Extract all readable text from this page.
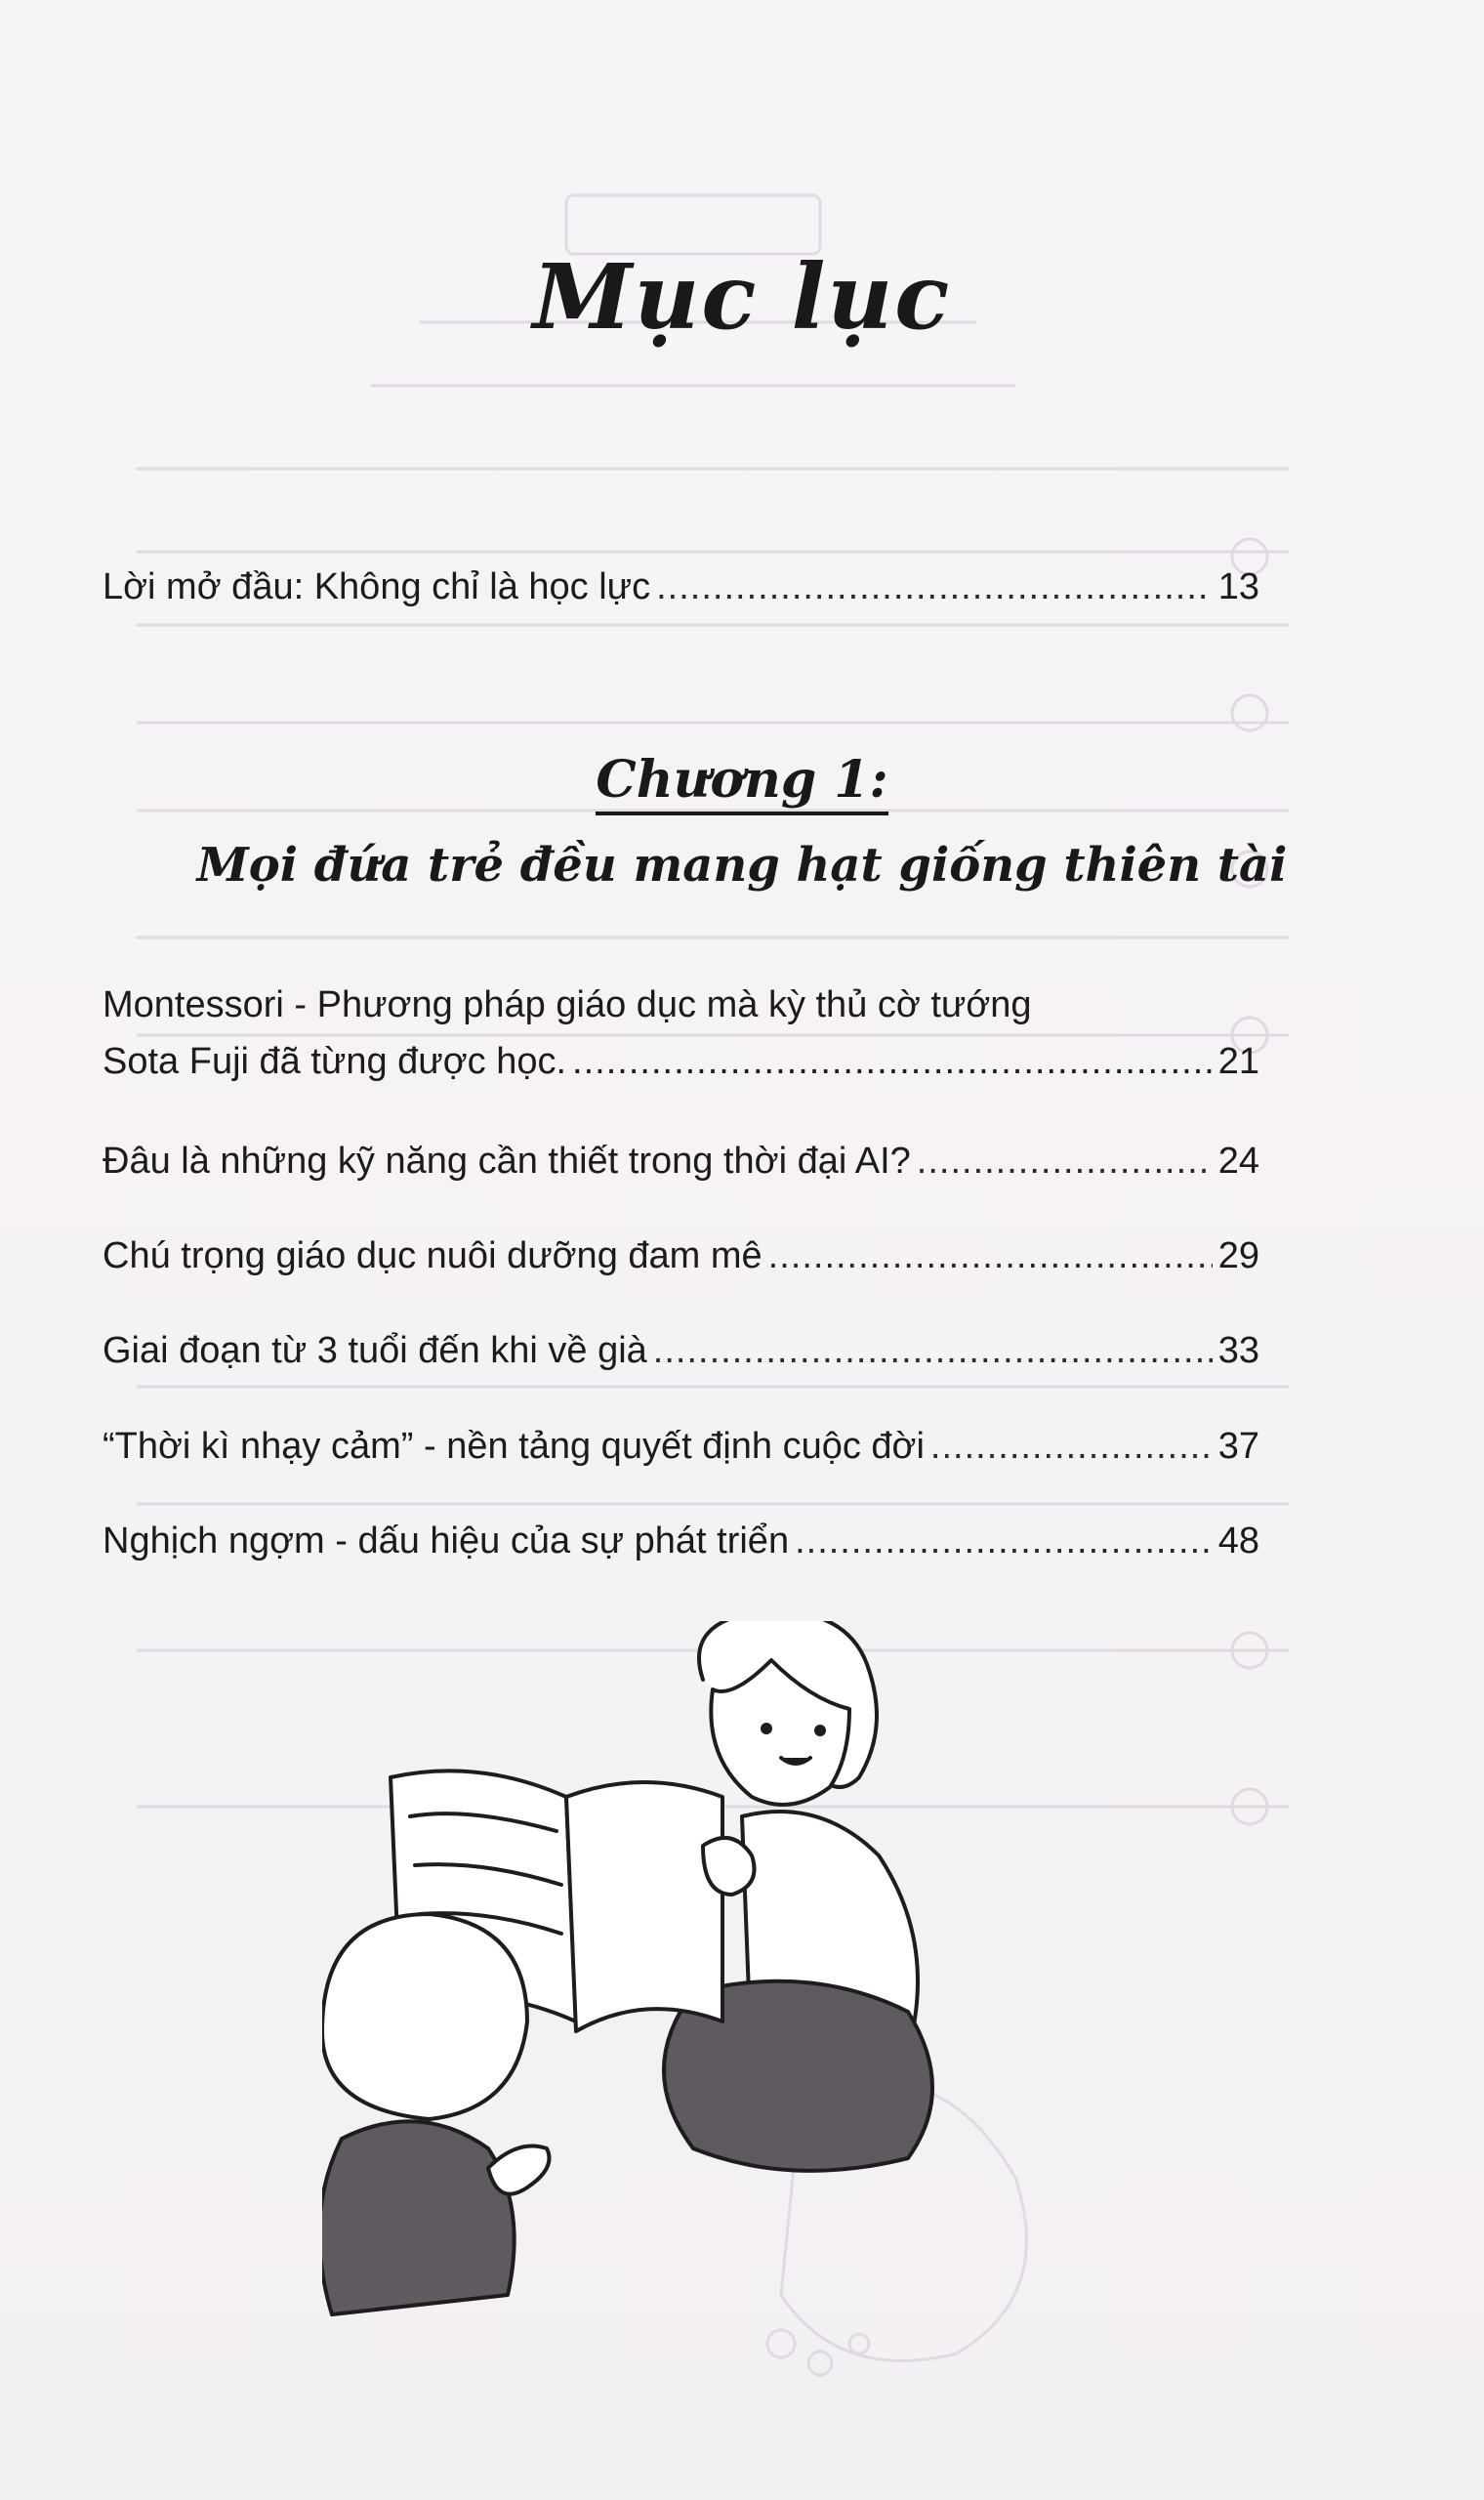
Mục lục
Lời mở đầu: Không chỉ là học lực .....	13
Chương 1:
Mọi đứa trẻ đều mang hạt giống thiên tài
Montessori - Phương pháp giáo dục mà kỳ thủ cờ tướng
Sota Fuji đã từng được học. .....	21
Đâu là những kỹ năng cần thiết trong thời đại AI? .....	24
Chú trọng giáo dục nuôi dưỡng đam mê .....	29
Giai đoạn từ 3 tuổi đến khi về già .....	33
“Thời kì nhạy cảm” - nền tảng quyết định cuộc đời .....	37
Nghịch ngợm - dấu hiệu của sự phát triển .....	48
